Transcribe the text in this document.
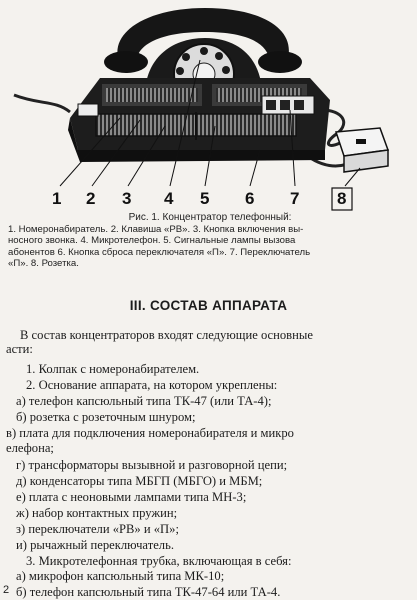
1 2 3 4 5 6 7 8
Рис. 1. Концентратор телефонный:
1. Номеронабиратель. 2. Клавиша «РВ». 3. Кнопка включения вы-
носного звонка. 4. Микротелефон. 5. Сигнальные лампы вызова
абонентов 6. Кнопка сброса переключателя «П». 7. Переключатель
«П». 8. Розетка.
III. СОСТАВ АППАРАТА
В состав концентраторов входят следующие основные
асти:
1. Колпак с номеронабирателем.
2. Основание аппарата, на котором укреплены:
а) телефон капсюльный типа ТК-47 (или ТА-4);
б) розетка с розеточным шнуром;
в) плата для подключения номеронабирателя и микро
елефона;
г) трансформаторы вызывной и разговорной цепи;
д) конденсаторы типа МБГП (МБГО) и МБМ;
е) плата с неоновыми лампами типа МН-3;
ж) набор контактных пружин;
з) переключатели «РВ» и «П»;
и) рычажный переключатель.
3. Микротелефонная трубка, включающая в себя:
а) микрофон капсюльный типа МК-10;
б) телефон капсюльный типа ТК-47-64 или ТА-4.
2
